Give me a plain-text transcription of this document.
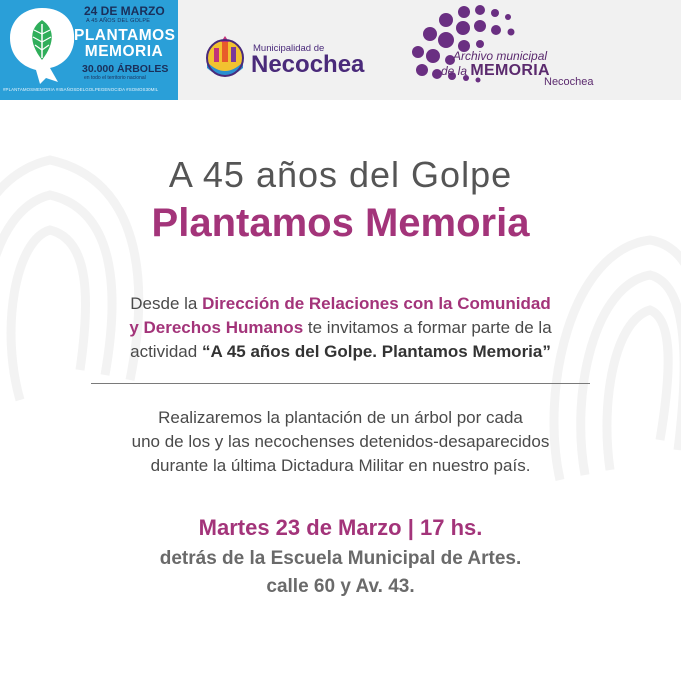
24 DE MARZO
A 45 AÑOS DEL GOLPE
PLANTAMOS
MEMORIA
30.000 ÁRBOLES
en todo el territorio nacional
#PLANTAMOSMEMORIA #45AÑOSDELGOLPEGENOCIDA #SOMOS30MIL
Municipalidad de
Necochea	Archivo municipal
de la MEMORIA
Necochea
A 45 años del Golpe
Plantamos Memoria
Desde la Dirección de Relaciones con la Comunidad
y Derechos Humanos te invitamos a formar parte de la
actividad “A 45 años del Golpe. Plantamos Memoria”
Realizaremos la plantación de un árbol por cada
uno de los y las necochenses detenidos-desaparecidos
durante la última Dictadura Militar en nuestro país.
Martes 23 de Marzo | 17 hs.
detrás de la Escuela Municipal de Artes.
calle 60 y Av. 43.
